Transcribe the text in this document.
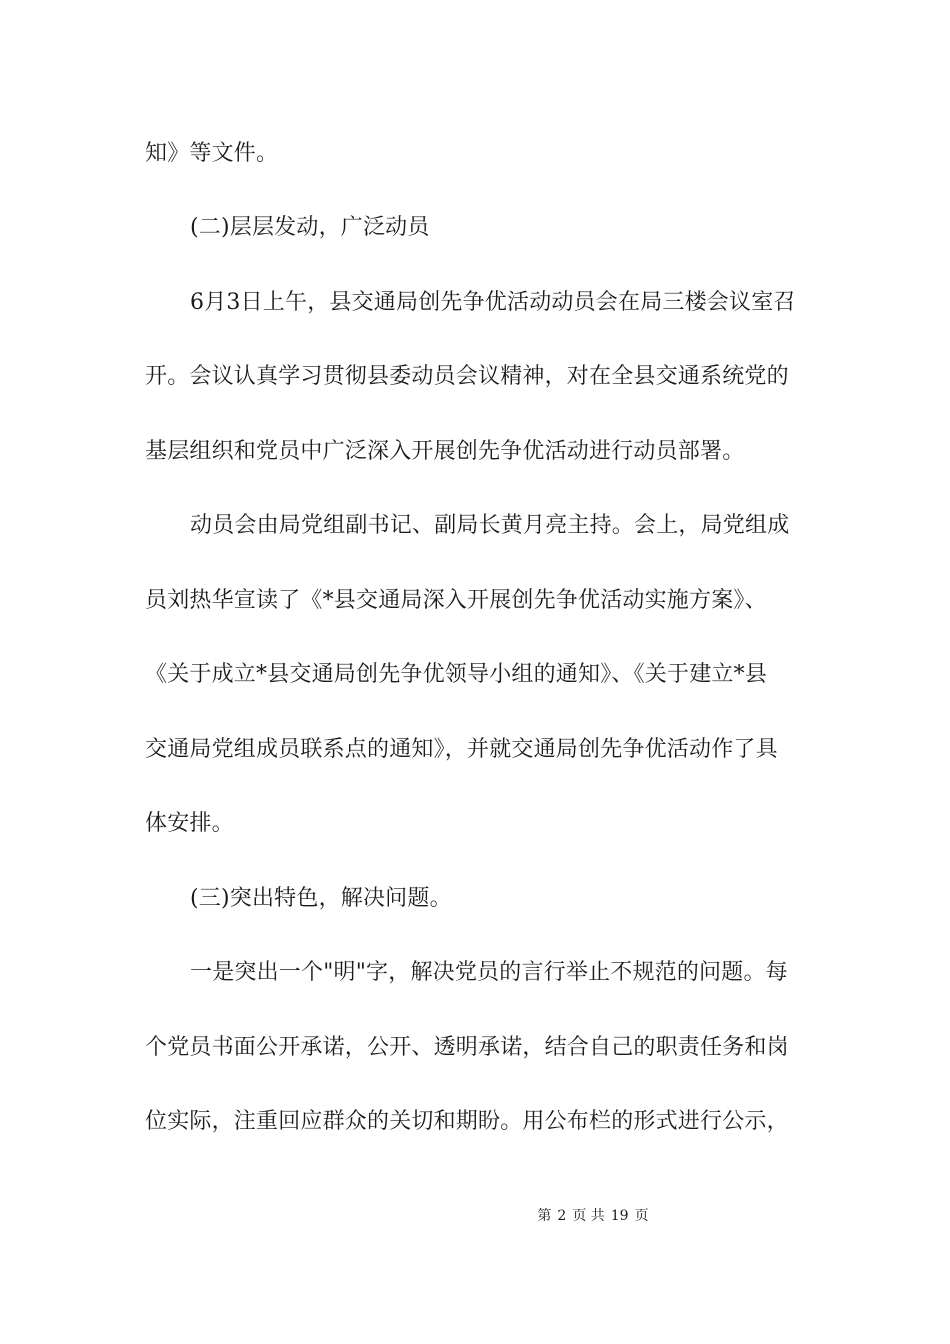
知》等文件。
(二)层层发动，广泛动员
6月3日上午，县交通局创先争优活动动员会在局三楼会议室召
开。会议认真学习贯彻县委动员会议精神，对在全县交通系统党的
基层组织和党员中广泛深入开展创先争优活动进行动员部署。
动员会由局党组副书记、副局长黄月亮主持。会上，局党组成
员刘热华宣读了《*县交通局深入开展创先争优活动实施方案》、
《关于成立*县交通局创先争优领导小组的通知》、《关于建立*县
交通局党组成员联系点的通知》，并就交通局创先争优活动作了具
体安排。
(三)突出特色，解决问题。
一是突出一个"明"字，解决党员的言行举止不规范的问题。每
个党员书面公开承诺，公开、透明承诺，结合自己的职责任务和岗
位实际，注重回应群众的关切和期盼。用公布栏的形式进行公示，
第 2 页 共 19 页
